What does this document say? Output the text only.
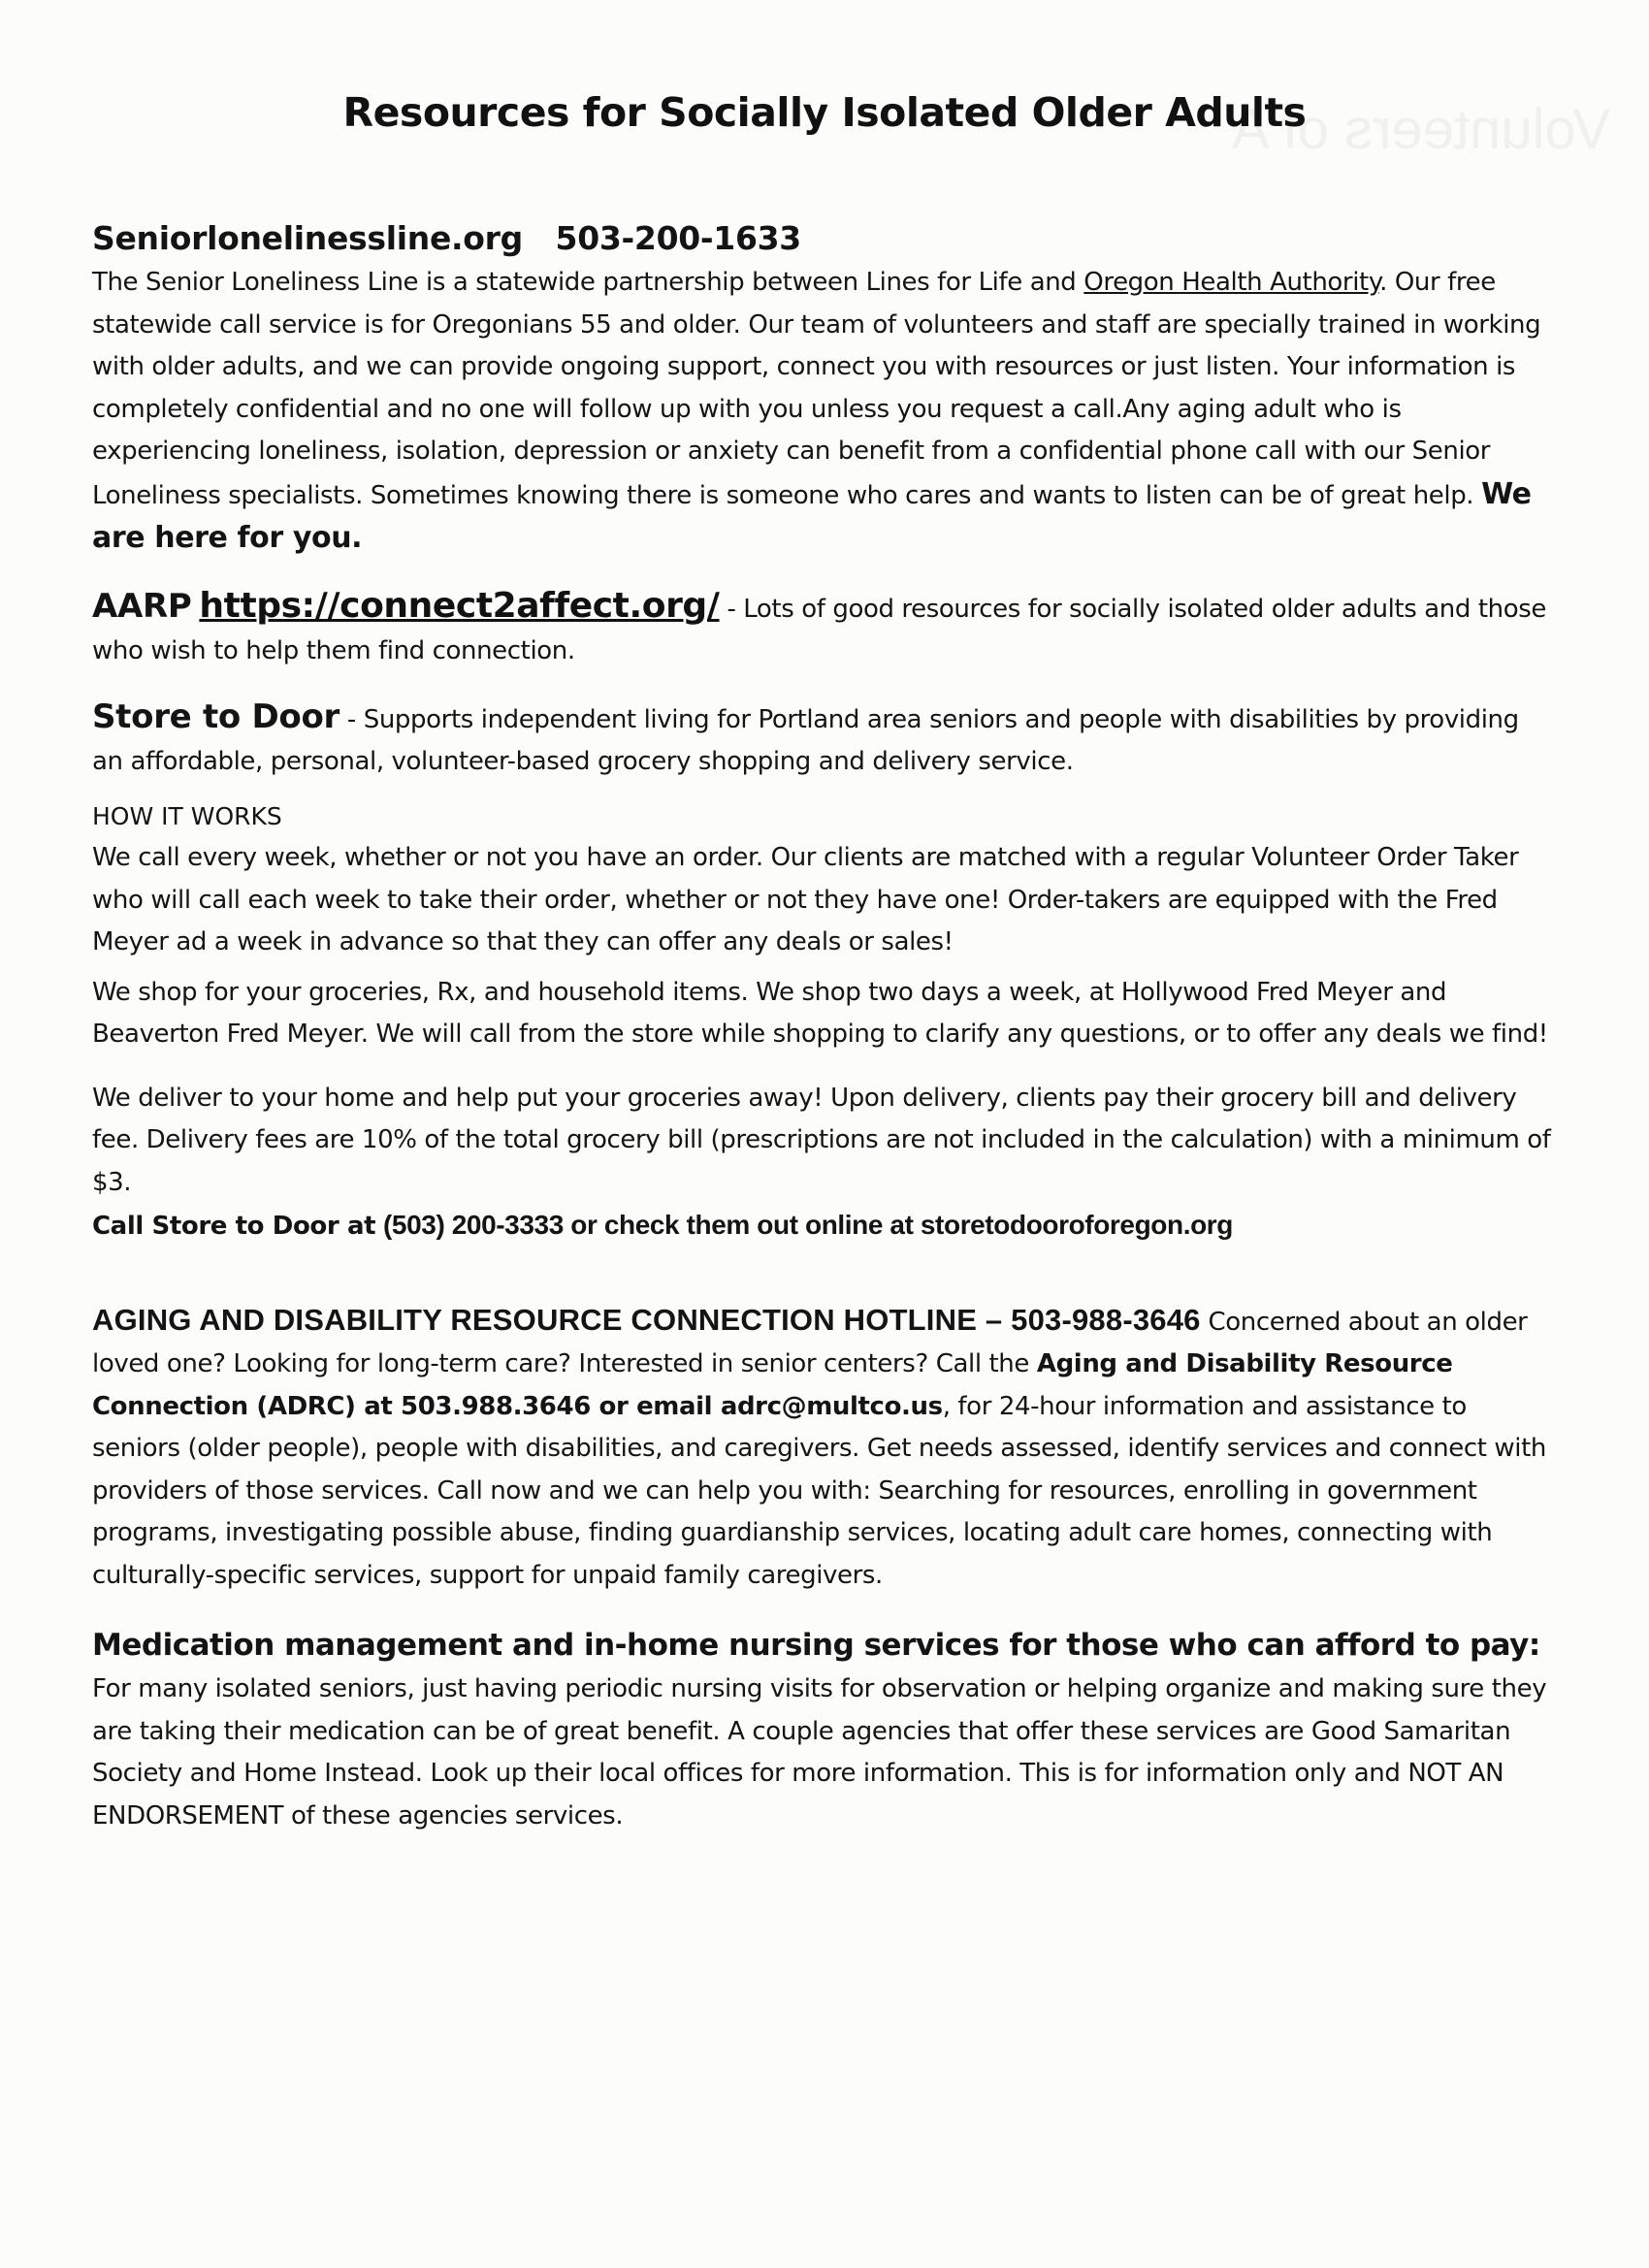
Volunteers of A
Resources for Socially Isolated Older Adults
Seniorlonelinessline.org 503-200-1633
The Senior Loneliness Line is a statewide partnership between Lines for Life and Oregon Health Authority. Our free statewide call service is for Oregonians 55 and older. Our team of volunteers and staff are specially trained in working with older adults, and we can provide ongoing support, connect you with resources or just listen. Your information is completely confidential and no one will follow up with you unless you request a call.Any aging adult who is experiencing loneliness, isolation, depression or anxiety can benefit from a confidential phone call with our Senior Loneliness specialists. Sometimes knowing there is someone who cares and wants to listen can be of great help. We are here for you.
AARP https://connect2affect.org/ - Lots of good resources for socially isolated older adults and those who wish to help them find connection.
Store to Door - Supports independent living for Portland area seniors and people with disabilities by providing an affordable, personal, volunteer-based grocery shopping and delivery service.
HOW IT WORKS
We call every week, whether or not you have an order. Our clients are matched with a regular Volunteer Order Taker who will call each week to take their order, whether or not they have one! Order-takers are equipped with the Fred Meyer ad a week in advance so that they can offer any deals or sales!
We shop for your groceries, Rx, and household items. We shop two days a week, at Hollywood Fred Meyer and Beaverton Fred Meyer. We will call from the store while shopping to clarify any questions, or to offer any deals we find!
We deliver to your home and help put your groceries away! Upon delivery, clients pay their grocery bill and delivery fee. Delivery fees are 10% of the total grocery bill (prescriptions are not included in the calculation) with a minimum of $3.
Call Store to Door at (503) 200-3333 or check them out online at storetodooroforegon.org
AGING AND DISABILITY RESOURCE CONNECTION HOTLINE – 503-988-3646 Concerned about an older loved one? Looking for long-term care? Interested in senior centers? Call the Aging and Disability Resource Connection (ADRC) at 503.988.3646 or email adrc@multco.us, for 24-hour information and assistance to seniors (older people), people with disabilities, and caregivers. Get needs assessed, identify services and connect with providers of those services. Call now and we can help you with: Searching for resources, enrolling in government programs, investigating possible abuse, finding guardianship services, locating adult care homes, connecting with culturally-specific services, support for unpaid family caregivers.
Medication management and in-home nursing services for those who can afford to pay:
For many isolated seniors, just having periodic nursing visits for observation or helping organize and making sure they are taking their medication can be of great benefit. A couple agencies that offer these services are Good Samaritan Society and Home Instead. Look up their local offices for more information. This is for information only and NOT AN ENDORSEMENT of these agencies services.
